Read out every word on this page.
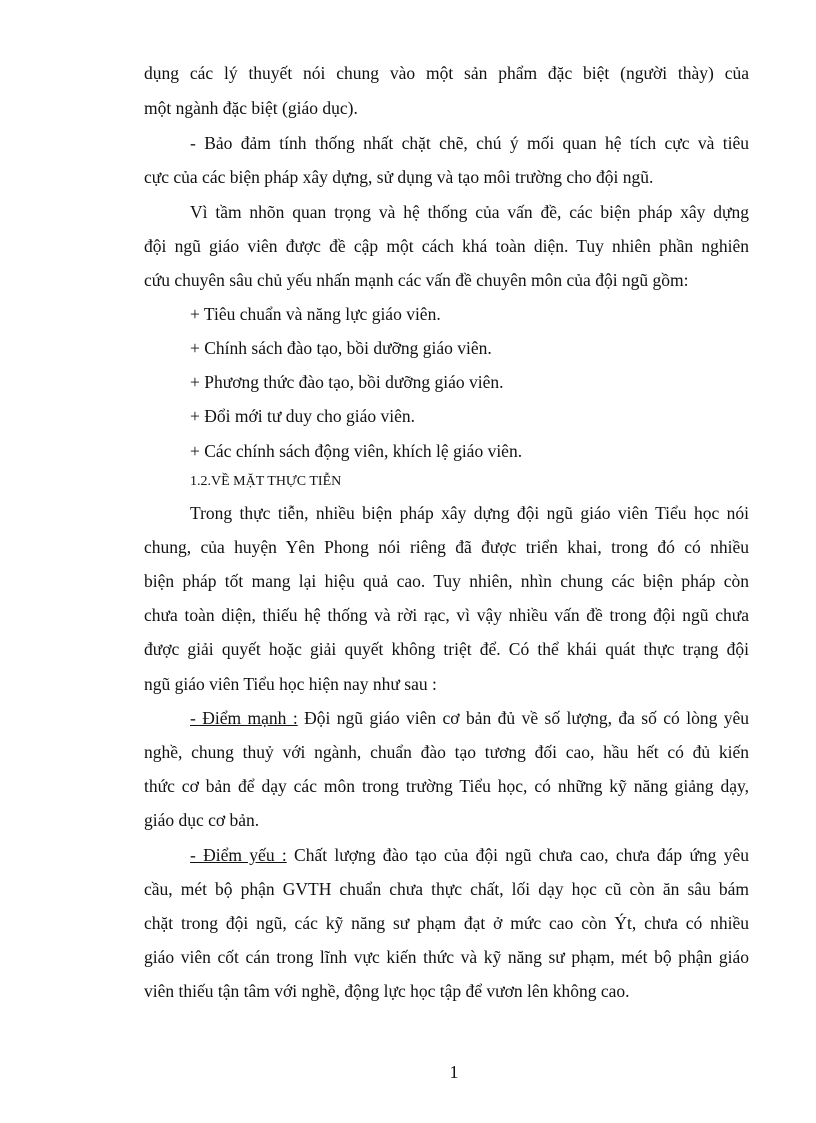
dụng các lý thuyết nói chung vào một sản phẩm đặc biệt (người thày) của
một ngành đặc biệt (giáo dục).
- Bảo đảm tính thống nhất chặt chẽ, chú ý mối quan hệ tích cực và tiêu
cực của các biện pháp xây dựng, sử dụng và tạo môi trường cho đội ngũ.
Vì tầm nhõn quan trọng và hệ thống của vấn đề, các biện pháp xây dựng
đội ngũ giáo viên được đề cập một cách khá toàn diện. Tuy nhiên phần nghiên
cứu chuyên sâu chủ yếu nhấn mạnh các vấn đề chuyên môn của đội ngũ gồm:
+ Tiêu chuẩn và năng lực giáo viên.
+ Chính sách đào tạo, bồi dưỡng giáo viên.
+ Phương thức đào tạo, bồi dưỡng giáo viên.
+ Đổi mới tư duy cho giáo viên.
+ Các chính sách động viên, khích lệ giáo viên.
1.2.VỀ MẶT THỰC TIỄN
Trong thực tiễn, nhiều biện pháp xây dựng đội ngũ giáo viên Tiểu học nói
chung, của huyện Yên Phong nói riêng đã được triển khai, trong đó có nhiều
biện pháp tốt mang lại hiệu quả cao. Tuy nhiên, nhìn chung các biện pháp còn
chưa toàn diện, thiếu hệ thống và rời rạc, vì vậy nhiều vấn đề trong đội ngũ chưa
được giải quyết hoặc giải quyết không triệt để. Có thể khái quát thực trạng đội
ngũ giáo viên Tiểu học hiện nay như sau :
- Điểm mạnh : Đội ngũ giáo viên cơ bản đủ về số lượng, đa số có lòng yêu
nghề, chung thuỷ với ngành, chuẩn đào tạo tương đối cao, hầu hết có đủ kiến
thức cơ bản để dạy các môn trong trường Tiểu học, có những kỹ năng giảng dạy,
giáo dục cơ bản.
- Điểm yếu : Chất lượng đào tạo của đội ngũ chưa cao, chưa đáp ứng yêu
cầu, mét bộ phận GVTH chuẩn chưa thực chất, lối dạy học cũ còn ăn sâu bám
chặt trong đội ngũ, các kỹ năng sư phạm đạt ở mức cao còn Ýt, chưa có nhiều
giáo viên cốt cán trong lĩnh vực kiến thức và kỹ năng sư phạm, mét bộ phận giáo
viên thiếu tận tâm với nghề, động lực học tập để vươn lên không cao.
1
